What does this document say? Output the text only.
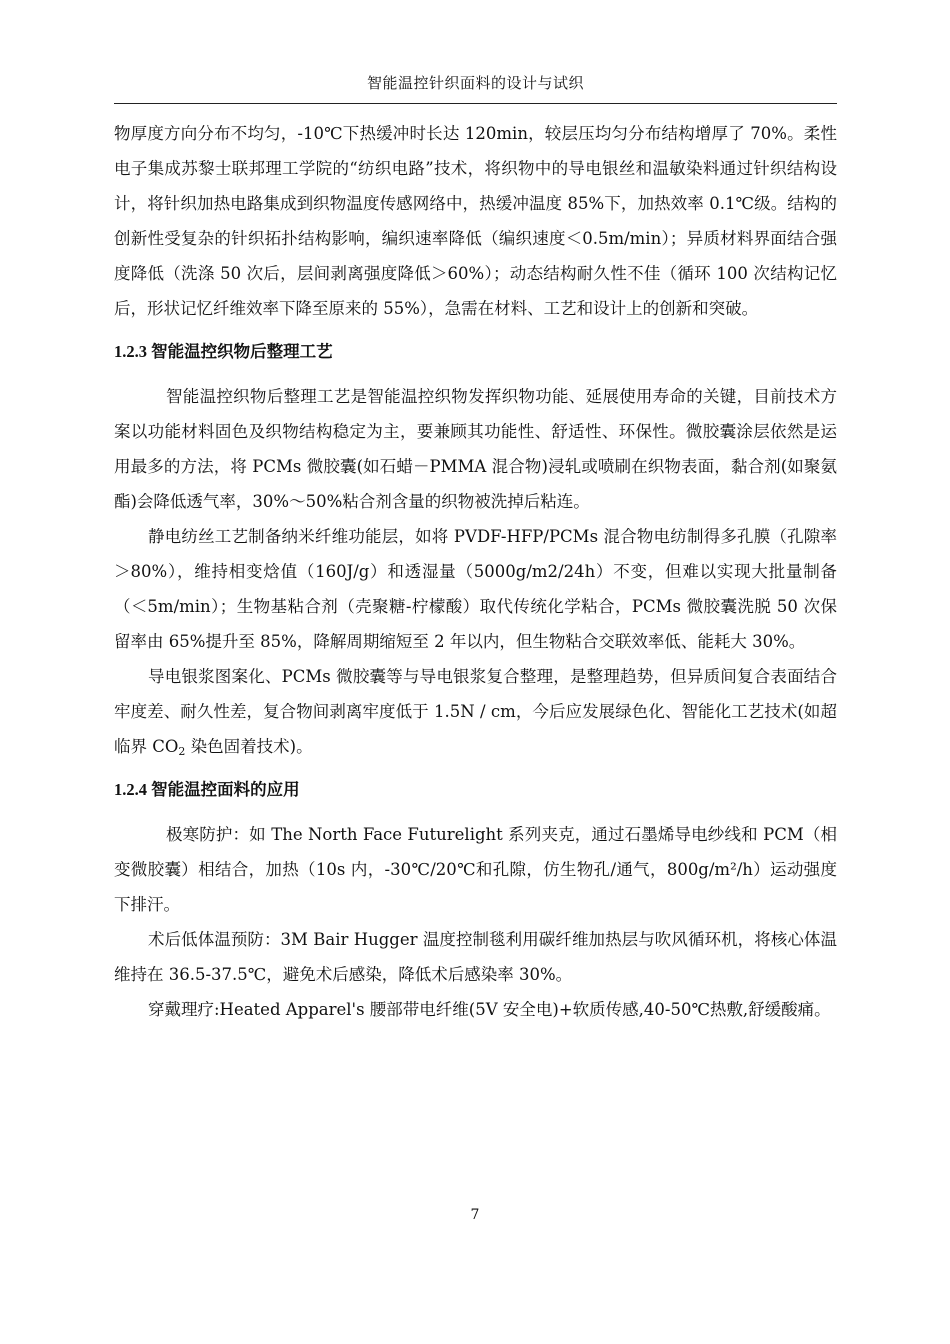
智能温控针织面料的设计与试织

物厚度方向分布不均匀，-10℃下热缓冲时长达 120min，较层压均匀分布结构增厚了 70%。柔性电子集成苏黎士联邦理工学院的“纺织电路”技术，将织物中的导电银丝和温敏染料通过针织结构设计，将针织加热电路集成到织物温度传感网络中，热缓冲温度 85%下，加热效率 0.1℃级。结构的创新性受复杂的针织拓扑结构影响，编织速率降低（编织速度＜0.5m/min）；异质材料界面结合强度降低（洗涤 50 次后，层间剥离强度降低＞60%）；动态结构耐久性不佳（循环 100 次结构记忆后，形状记忆纤维效率下降至原来的 55%），急需在材料、工艺和设计上的创新和突破。

1.2.3 智能温控织物后整理工艺

智能温控织物后整理工艺是智能温控织物发挥织物功能、延展使用寿命的关键，目前技术方案以功能材料固色及织物结构稳定为主，要兼顾其功能性、舒适性、环保性。微胶囊涂层依然是运用最多的方法，将 PCMs 微胶囊(如石蜡－PMMA 混合物)浸轧或喷刷在织物表面，黏合剂(如聚氨酯)会降低透气率，30%～50%粘合剂含量的织物被洗掉后粘连。

静电纺丝工艺制备纳米纤维功能层，如将 PVDF-HFP/PCMs 混合物电纺制得多孔膜（孔隙率＞80%），维持相变焓值（160J/g）和透湿量（5000g/m2/24h）不变，但难以实现大批量制备（＜5m/min）；生物基粘合剂（壳聚糖-柠檬酸）取代传统化学粘合，PCMs 微胶囊洗脱 50 次保留率由 65%提升至 85%，降解周期缩短至 2 年以内，但生物粘合交联效率低、能耗大 30%。

导电银浆图案化、PCMs 微胶囊等与导电银浆复合整理，是整理趋势，但异质间复合表面结合牢度差、耐久性差，复合物间剥离牢度低于 1.5N / cm，今后应发展绿色化、智能化工艺技术(如超临界 $CO_2$ 染色固着技术)。

1.2.4 智能温控面料的应用

极寒防护：如 The North Face Futurelight 系列夹克，通过石墨烯导电纱线和 PCM（相变微胶囊）相结合，加热（10s 内，-30℃/20℃和孔隙，仿生物孔/通气，800g/m²/h）运动强度下排汗。

术后低体温预防：3M Bair Hugger 温度控制毯利用碳纤维加热层与吹风循环机，将核心体温维持在 36.5-37.5℃，避免术后感染，降低术后感染率 30%。

穿戴理疗:Heated Apparel's 腰部带电纤维(5V 安全电)+软质传感,40-50℃热敷,舒缓酸痛。

7
